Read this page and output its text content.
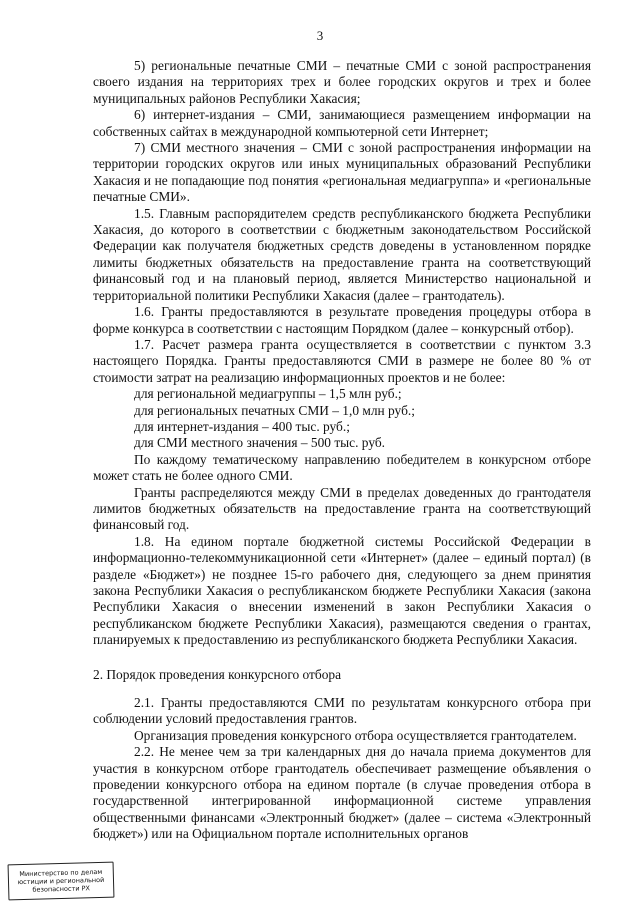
3

5) региональные печатные СМИ – печатные СМИ с зоной распространения своего издания на территориях трех и более городских округов и трех и более муниципальных районов Республики Хакасия;

6) интернет-издания – СМИ, занимающиеся размещением информации на собственных сайтах в международной компьютерной сети Интернет;

7) СМИ местного значения – СМИ с зоной распространения информации на территории городских округов или иных муниципальных образований Республики Хакасия и не попадающие под понятия «региональная медиагруппа» и «региональные печатные СМИ».

1.5. Главным распорядителем средств республиканского бюджета Республики Хакасия, до которого в соответствии с бюджетным законодательством Российской Федерации как получателя бюджетных средств доведены в установленном порядке лимиты бюджетных обязательств на предоставление гранта на соответствующий финансовый год и на плановый период, является Министерство национальной и территориальной политики Республики Хакасия (далее – грантодатель).

1.6. Гранты предоставляются в результате проведения процедуры отбора в форме конкурса в соответствии с настоящим Порядком (далее – конкурсный отбор).

1.7. Расчет размера гранта осуществляется в соответствии с пунктом 3.3 настоящего Порядка. Гранты предоставляются СМИ в размере не более 80 % от стоимости затрат на реализацию информационных проектов и не более:

для региональной медиагруппы – 1,5 млн руб.;

для региональных печатных СМИ – 1,0 млн руб.;

для интернет-издания – 400 тыс. руб.;

для СМИ местного значения – 500 тыс. руб.

По каждому тематическому направлению победителем в конкурсном отборе может стать не более одного СМИ.

Гранты распределяются между СМИ в пределах доведенных до грантодателя лимитов бюджетных обязательств на предоставление гранта на соответствующий финансовый год.

1.8. На едином портале бюджетной системы Российской Федерации в информационно-телекоммуникационной сети «Интернет» (далее – единый портал) (в разделе «Бюджет») не позднее 15-го рабочего дня, следующего за днем принятия закона Республики Хакасия о республиканском бюджете Республики Хакасия (закона Республики Хакасия о внесении изменений в закон Республики Хакасия о республиканском бюджете Республики Хакасия), размещаются сведения о грантах, планируемых к предоставлению из республиканского бюджета Республики Хакасия.

2. Порядок проведения конкурсного отбора

2.1. Гранты предоставляются СМИ по результатам конкурсного отбора при соблюдении условий предоставления грантов.

Организация проведения конкурсного отбора осуществляется грантодателем.

2.2. Не менее чем за три календарных дня до начала приема документов для участия в конкурсном отборе грантодатель обеспечивает размещение объявления о проведении конкурсного отбора на едином портале (в случае проведения отбора в государственной интегрированной информационной системе управления общественными финансами «Электронный бюджет» (далее – система «Электронный бюджет») или на Официальном портале исполнительных органов

Министерство по делам
юстиции и региональной
безопасности РХ
